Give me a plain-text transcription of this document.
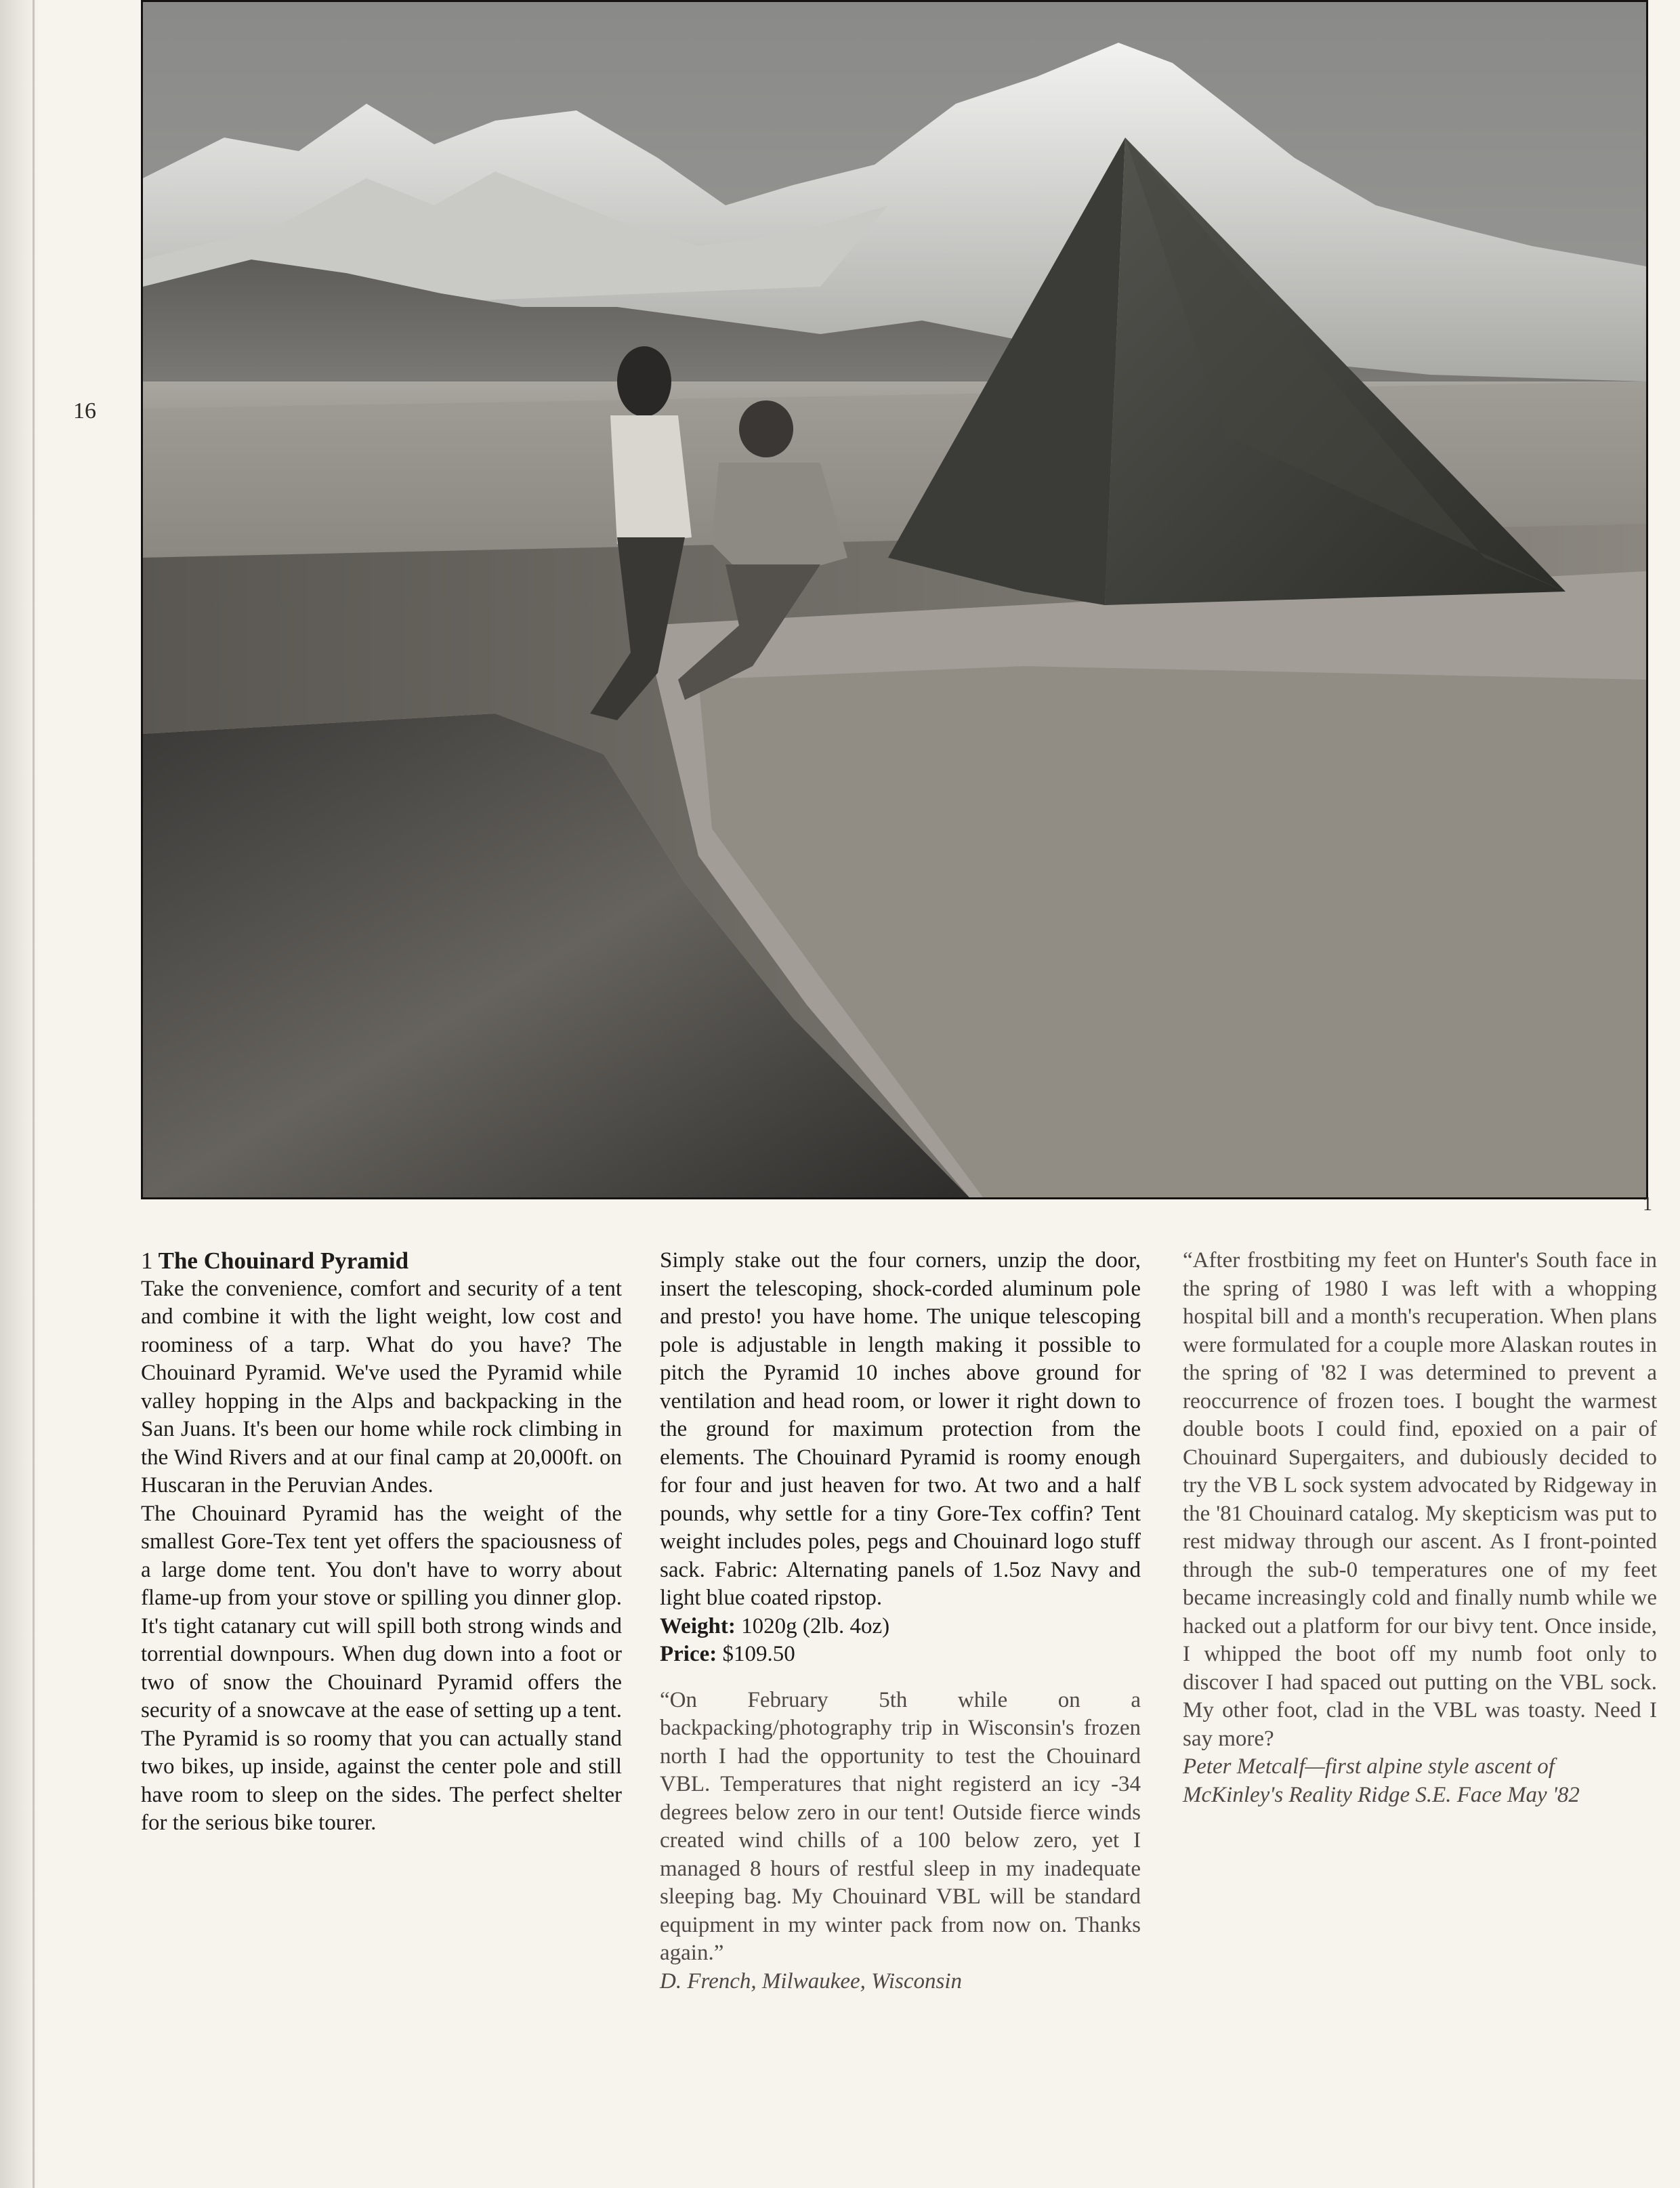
16
1

1 The Chouinard Pyramid

Take the convenience, comfort and security of a tent and combine it with the light weight, low cost and roominess of a tarp. What do you have? The Chouinard Pyramid. We've used the Pyramid while valley hopping in the Alps and backpacking in the San Juans. It's been our home while rock climbing in the Wind Rivers and at our final camp at 20,000ft. on Huscaran in the Peruvian Andes.

The Chouinard Pyramid has the weight of the smallest Gore-Tex tent yet offers the spaciousness of a large dome tent. You don't have to worry about flame-up from your stove or spilling you dinner glop. It's tight catanary cut will spill both strong winds and torrential downpours. When dug down into a foot or two of snow the Chouinard Pyramid offers the security of a snowcave at the ease of setting up a tent. The Pyramid is so roomy that you can actually stand two bikes, up inside, against the center pole and still have room to sleep on the sides. The perfect shelter for the serious bike tourer.

Simply stake out the four corners, unzip the door, insert the telescoping, shock-corded aluminum pole and presto! you have home. The unique telescoping pole is adjustable in length making it possible to pitch the Pyramid 10 inches above ground for ventilation and head room, or lower it right down to the ground for maximum protection from the elements. The Chouinard Pyramid is roomy enough for four and just heaven for two. At two and a half pounds, why settle for a tiny Gore-Tex coffin? Tent weight includes poles, pegs and Chouinard logo stuff sack. Fabric: Alternating panels of 1.5oz Navy and light blue coated ripstop.

Weight: 1020g (2lb. 4oz)

Price: $109.50

“On February 5th while on a backpacking/photography trip in Wisconsin's frozen north I had the opportunity to test the Chouinard VBL. Temperatures that night registerd an icy -34 degrees below zero in our tent! Outside fierce winds created wind chills of a 100 below zero, yet I managed 8 hours of restful sleep in my inadequate sleeping bag. My Chouinard VBL will be standard equipment in my winter pack from now on. Thanks again.”

D. French, Milwaukee, Wisconsin

“After frostbiting my feet on Hunter's South face in the spring of 1980 I was left with a whopping hospital bill and a month's recuperation. When plans were formulated for a couple more Alaskan routes in the spring of '82 I was determined to prevent a reoccurrence of frozen toes. I bought the warmest double boots I could find, epoxied on a pair of Chouinard Supergaiters, and dubiously decided to try the VB L sock system advocated by Ridgeway in the '81 Chouinard catalog. My skepticism was put to rest midway through our ascent. As I front-pointed through the sub-0 temperatures one of my feet became increasingly cold and finally numb while we hacked out a platform for our bivy tent. Once inside, I whipped the boot off my numb foot only to discover I had spaced out putting on the VBL sock. My other foot, clad in the VBL was toasty. Need I say more?

Peter Metcalf—first alpine style ascent of McKinley's Reality Ridge S.E. Face May '82
